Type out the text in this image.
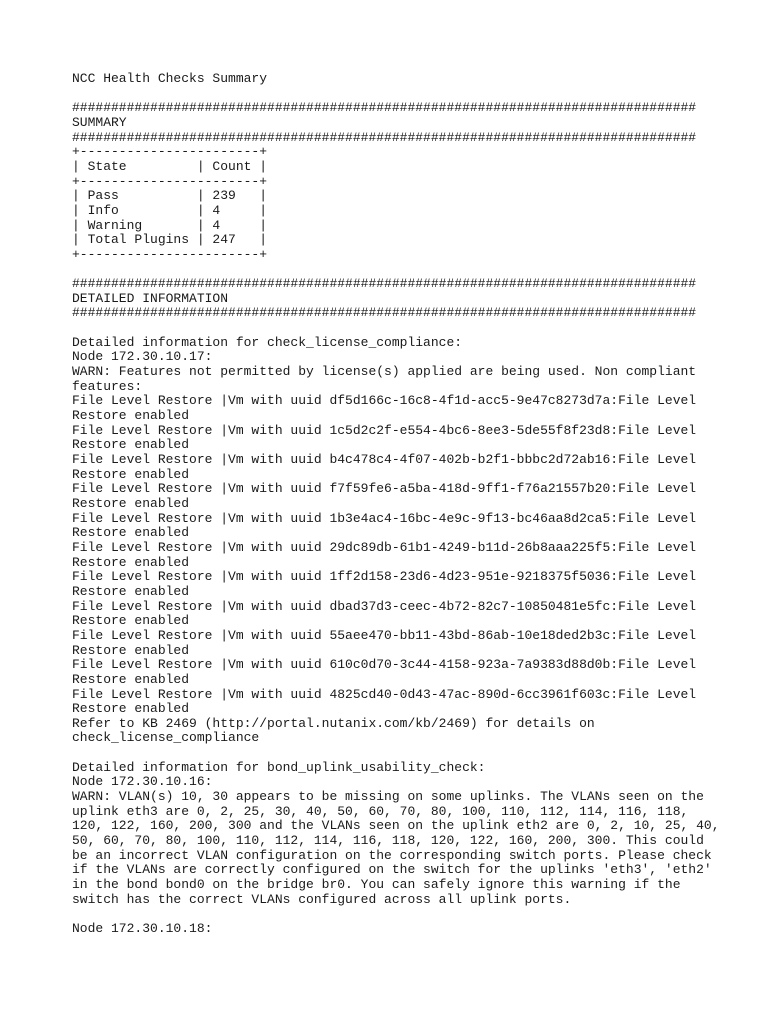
NCC Health Checks Summary

################################################################################

SUMMARY

################################################################################

+-----------------------+

| State         | Count |

+-----------------------+

| Pass          | 239   |

| Info          | 4     |

| Warning       | 4     |

| Total Plugins | 247   |

+-----------------------+

################################################################################

DETAILED INFORMATION

################################################################################

Detailed information for check_license_compliance:

Node 172.30.10.17:

WARN: Features not permitted by license(s) applied are being used. Non compliant

features:

File Level Restore |Vm with uuid df5d166c-16c8-4f1d-acc5-9e47c8273d7a:File Level

Restore enabled

File Level Restore |Vm with uuid 1c5d2c2f-e554-4bc6-8ee3-5de55f8f23d8:File Level

Restore enabled

File Level Restore |Vm with uuid b4c478c4-4f07-402b-b2f1-bbbc2d72ab16:File Level

Restore enabled

File Level Restore |Vm with uuid f7f59fe6-a5ba-418d-9ff1-f76a21557b20:File Level

Restore enabled

File Level Restore |Vm with uuid 1b3e4ac4-16bc-4e9c-9f13-bc46aa8d2ca5:File Level

Restore enabled

File Level Restore |Vm with uuid 29dc89db-61b1-4249-b11d-26b8aaa225f5:File Level

Restore enabled

File Level Restore |Vm with uuid 1ff2d158-23d6-4d23-951e-9218375f5036:File Level

Restore enabled

File Level Restore |Vm with uuid dbad37d3-ceec-4b72-82c7-10850481e5fc:File Level

Restore enabled

File Level Restore |Vm with uuid 55aee470-bb11-43bd-86ab-10e18ded2b3c:File Level

Restore enabled

File Level Restore |Vm with uuid 610c0d70-3c44-4158-923a-7a9383d88d0b:File Level

Restore enabled

File Level Restore |Vm with uuid 4825cd40-0d43-47ac-890d-6cc3961f603c:File Level

Restore enabled

Refer to KB 2469 (http://portal.nutanix.com/kb/2469) for details on

check_license_compliance

Detailed information for bond_uplink_usability_check:

Node 172.30.10.16:

WARN: VLAN(s) 10, 30 appears to be missing on some uplinks. The VLANs seen on the

uplink eth3 are 0, 2, 25, 30, 40, 50, 60, 70, 80, 100, 110, 112, 114, 116, 118,

120, 122, 160, 200, 300 and the VLANs seen on the uplink eth2 are 0, 2, 10, 25, 40,

50, 60, 70, 80, 100, 110, 112, 114, 116, 118, 120, 122, 160, 200, 300. This could

be an incorrect VLAN configuration on the corresponding switch ports. Please check

if the VLANs are correctly configured on the switch for the uplinks 'eth3', 'eth2'

in the bond bond0 on the bridge br0. You can safely ignore this warning if the

switch has the correct VLANs configured across all uplink ports.

Node 172.30.10.18:
